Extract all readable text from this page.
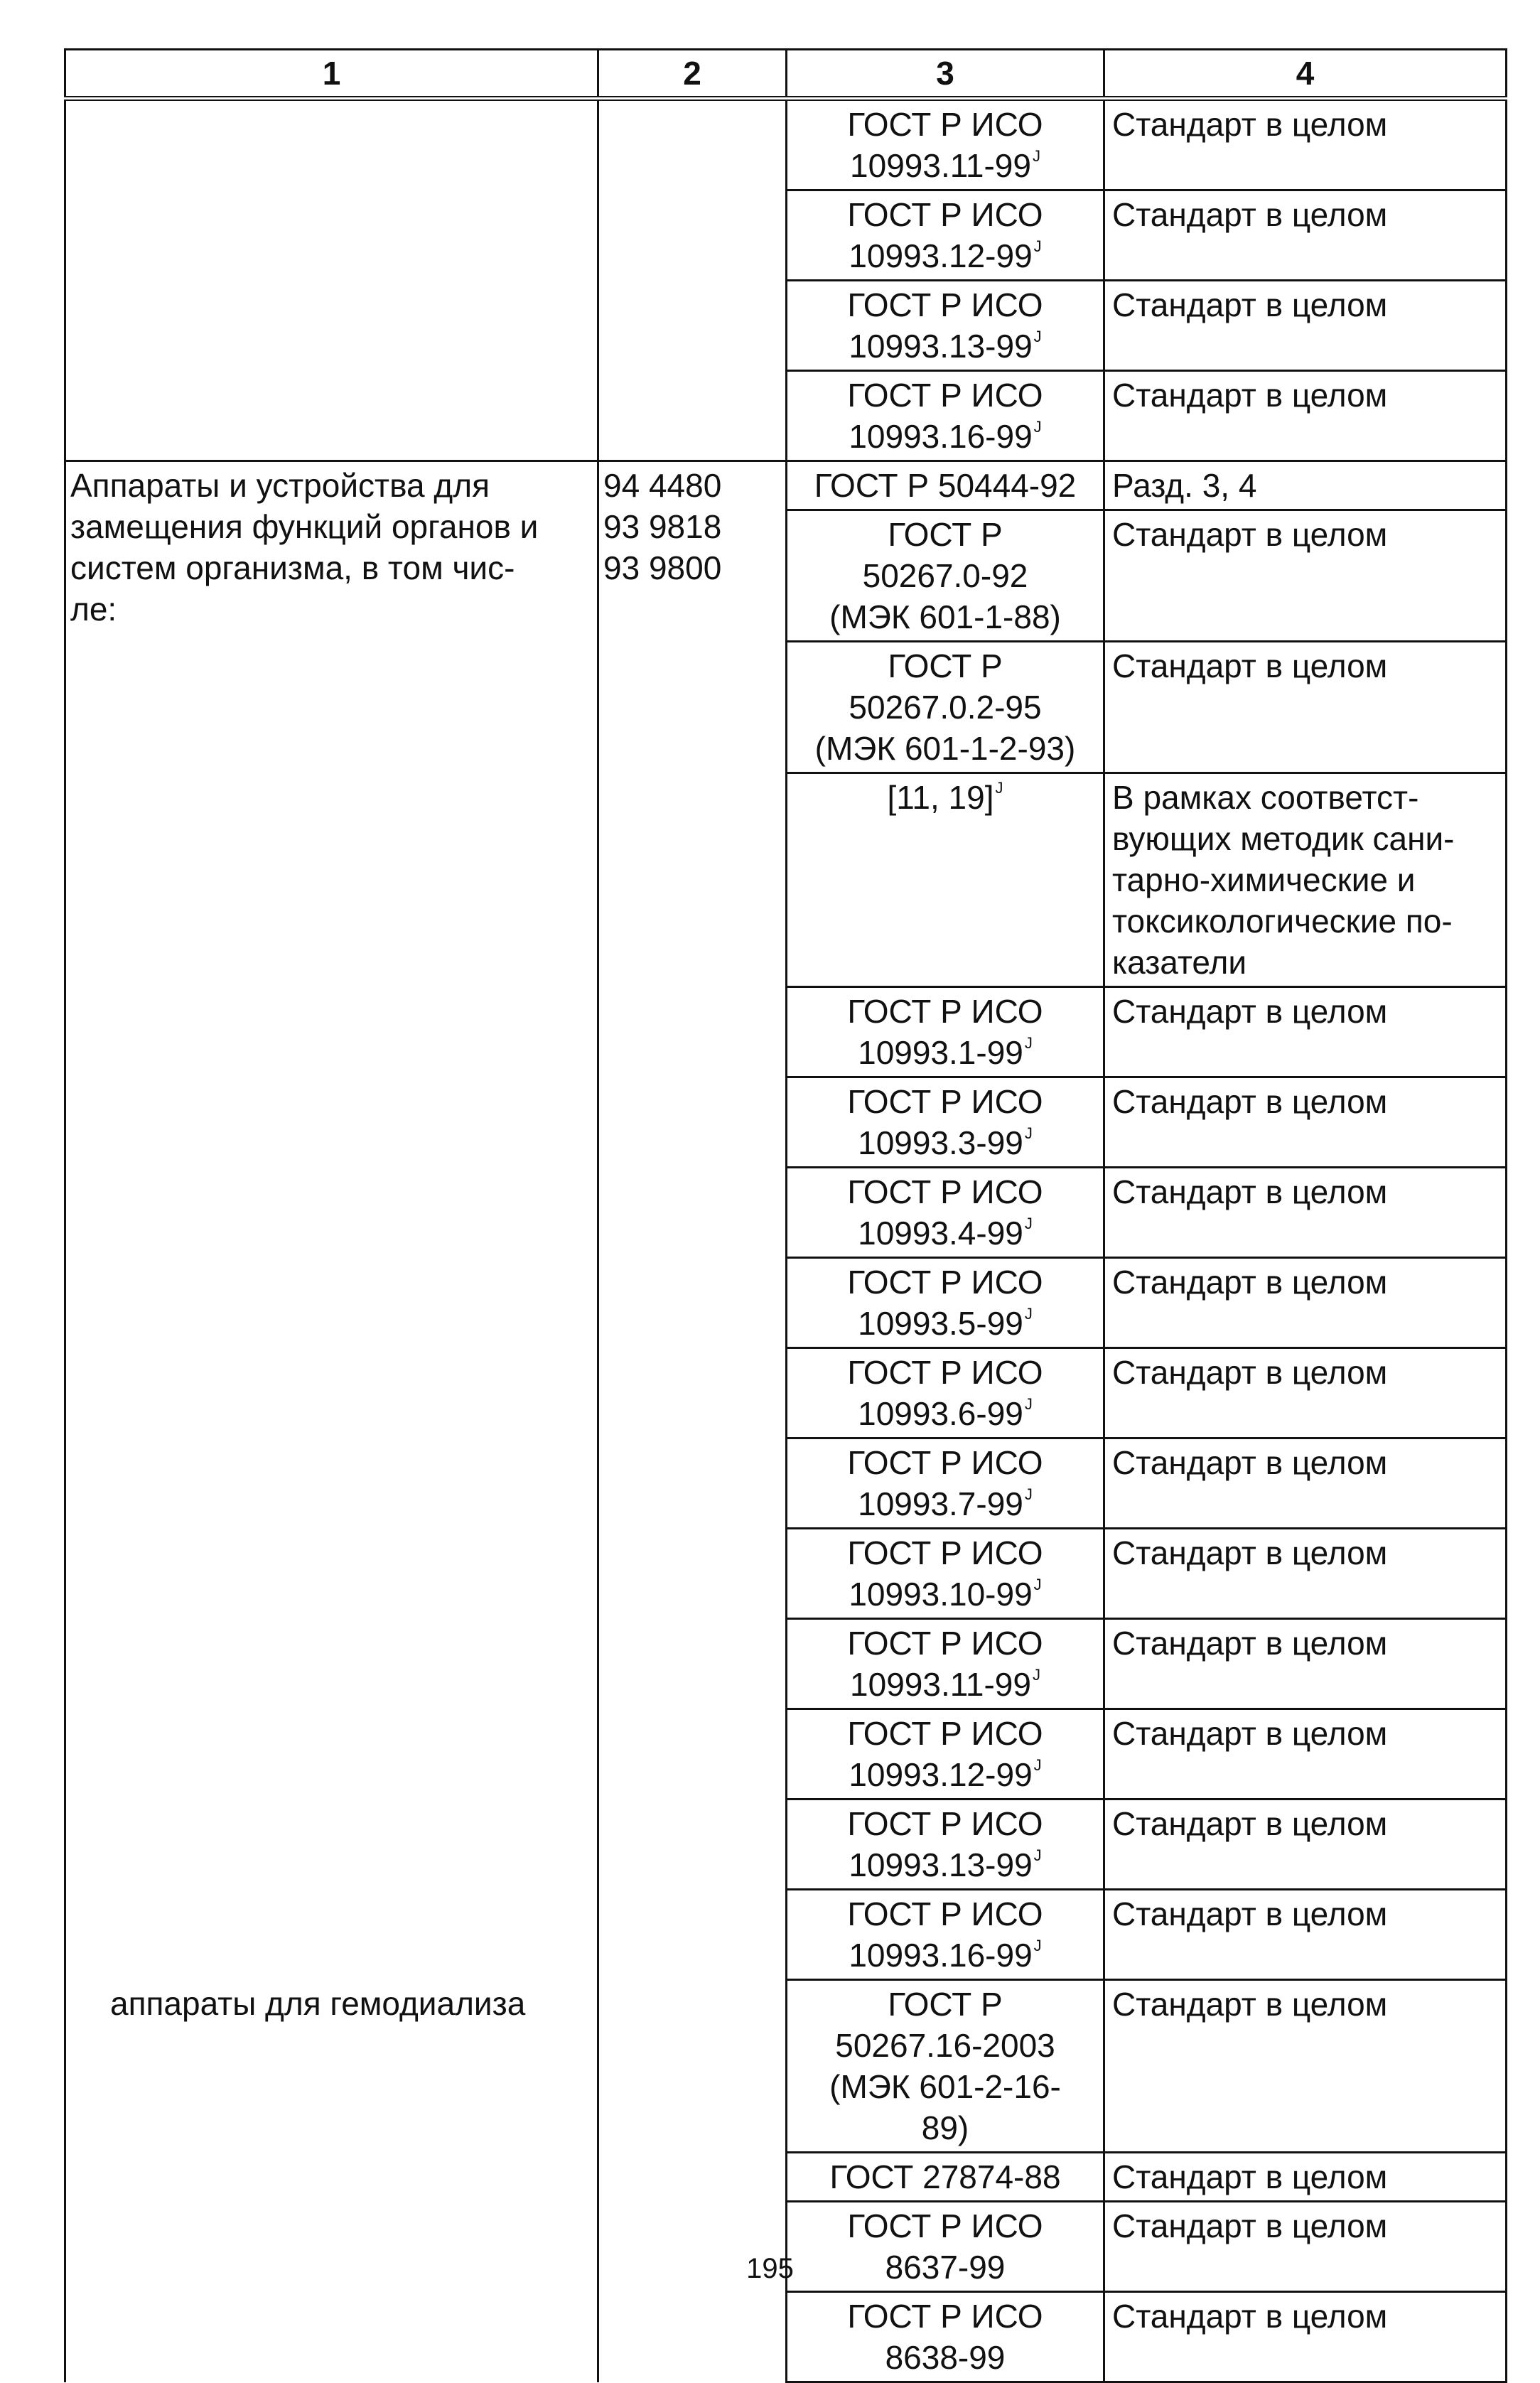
1	2	3	4

		ГОСТ Р ИСО
$10993.11-99^J$	Стандарт в целом

		ГОСТ Р ИСО
$10993.12-99^J$	Стандарт в целом

		ГОСТ Р ИСО
$10993.13-99^J$	Стандарт в целом

		ГОСТ Р ИСО
$10993.16-99^J$	Стандарт в целом

Аппараты и устройства для
замещения функций органов и
систем организма, в том чис-
ле:	94 4480
93 9818
93 9800	ГОСТ Р 50444-92	Разд. 3, 4

		ГОСТ Р
50267.0-92
(МЭК 601-1-88)	Стандарт в целом

		ГОСТ Р
50267.0.2-95
(МЭК 601-1-2-93)	Стандарт в целом

		[11, 19]$^J$	В рамках соответст-
вующих методик сани-
тарно-химические и
токсикологические по-
казатели

		ГОСТ Р ИСО
$10993.1-99^J$	Стандарт в целом

		ГОСТ Р ИСО
$10993.3-99^J$	Стандарт в целом

		ГОСТ Р ИСО
$10993.4-99^J$	Стандарт в целом

		ГОСТ Р ИСО
$10993.5-99^J$	Стандарт в целом

		ГОСТ Р ИСО
$10993.6-99^J$	Стандарт в целом

		ГОСТ Р ИСО
$10993.7-99^J$	Стандарт в целом

		ГОСТ Р ИСО
$10993.10-99^J$	Стандарт в целом

		ГОСТ Р ИСО
$10993.11-99^J$	Стандарт в целом

		ГОСТ Р ИСО
$10993.12-99^J$	Стандарт в целом

		ГОСТ Р ИСО
$10993.13-99^J$	Стандарт в целом

		ГОСТ Р ИСО
$10993.16-99^J$	Стандарт в целом

аппараты для гемодиализа		ГОСТ Р
50267.16-2003
(МЭК 601-2-16-
89)	Стандарт в целом

		ГОСТ 27874-88	Стандарт в целом

		ГОСТ Р ИСО
8637-99	Стандарт в целом

		ГОСТ Р ИСО
8638-99	Стандарт в целом
195
